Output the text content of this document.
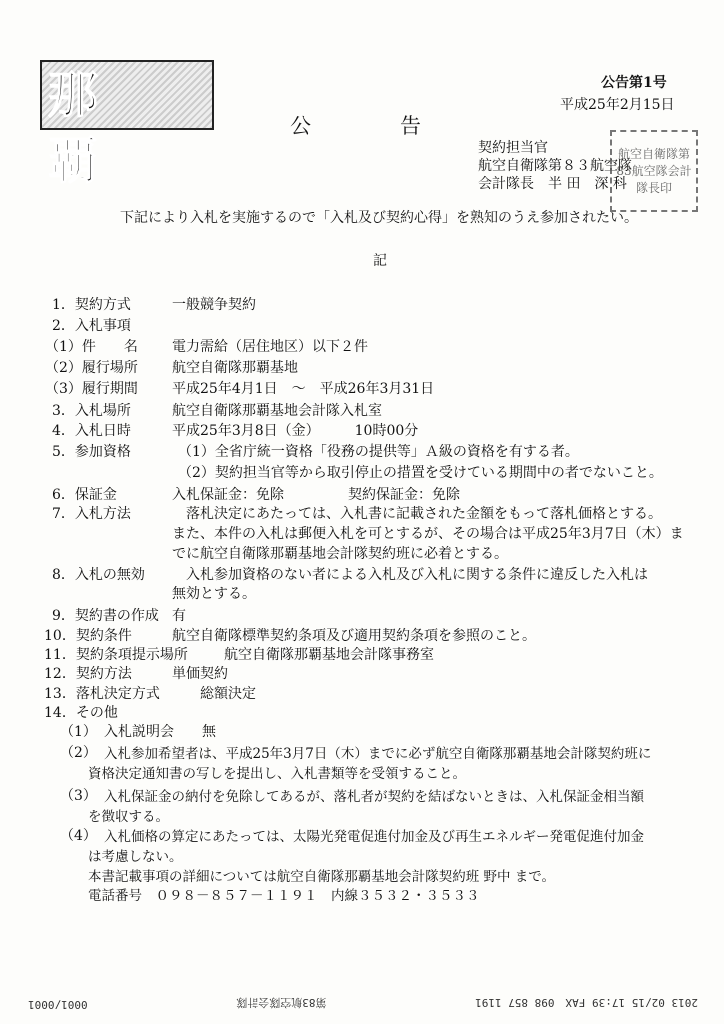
那覇
公告第1号
平成25年2月15日
公　告
契約担当官
航空自衛隊第８３航空隊
会計隊長　半 田　深 科
航空自衛隊第83航空隊会計隊長印
下記により入札を実施するので「入札及び契約心得」を熟知のうえ参加されたい。
記
1．契約方式	一般競争契約
2．入札事項
（1）件　　名 電力需給（居住地区）以下２件
（2）履行場所 航空自衛隊那覇基地
（3）履行期間 平成25年4月1日　～　平成26年3月31日
3．入札場所	航空自衛隊那覇基地会計隊入札室
4．入札日時	平成25年3月8日（金）　　　10時00分
5．参加資格	（1）全省庁統一資格「役務の提供等」Ａ級の資格を有する者。
（2）契約担当官等から取引停止の措置を受けている期間中の者でないこと。
6．保証金	入札保証金：免除	契約保証金：免除
7．入札方法	落札決定にあたっては、入札書に記載された金額をもって落札価格とする。
また、本件の入札は郵便入札を可とするが、その場合は平成25年3月7日（木）ま
でに航空自衛隊那覇基地会計隊契約班に必着とする。
8．入札の無効	入札参加資格のない者による入札及び入札に関する条件に違反した入札は
無効とする。
9．契約書の作成 有
10．契約条件	航空自衛隊標準契約条項及び適用契約条項を参照のこと。
11．契約条項提示場所	航空自衛隊那覇基地会計隊事務室
12．契約方法	単価契約
13．落札決定方式	総額決定
14．その他
（1） 入札説明会　　無
（2） 入札参加希望者は、平成25年3月7日（木）までに必ず航空自衛隊那覇基地会計隊契約班に
資格決定通知書の写しを提出し、入札書類等を受領すること。
（3） 入札保証金の納付を免除してあるが、落札者が契約を結ばないときは、入札保証金相当額
を徴収する。
（4） 入札価格の算定にあたっては、太陽光発電促進付加金及び再生エネルギー発電促進付加金
は考慮しない。
本書記載事項の詳細については航空自衛隊那覇基地会計隊契約班 野中 まで。
電話番号　０９８－８５７－１１９１　内線３５３２・３５３３
2013 02/15 17:39 FAX　098 857 1191
第83航空隊会計隊
0001/0001
